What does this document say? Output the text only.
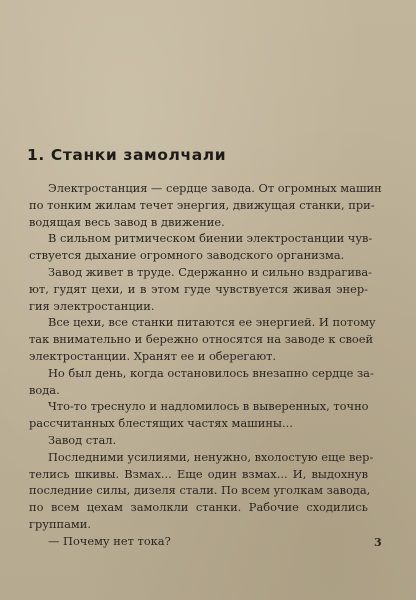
1. Станки замолчали
Электростанция — сердце завода. От огромных машин
по тонким жилам течет энергия, движущая станки, при-
водящая весь завод в движение.
В сильном ритмическом биении электростанции чув-
ствуется дыхание огромного заводского организма.
Завод живет в труде. Сдержанно и сильно вздрагива-
ют, гудят цехи, и в этом гуде чувствуется живая энер-
гия электростанции.
Все цехи, все станки питаются ее энергией. И потому
так внимательно и бережно относятся на заводе к своей
электростанции. Хранят ее и оберегают.
Но был день, когда остановилось внезапно сердце за-
вода.
Что-то треснуло и надломилось в выверенных, точно
рассчитанных блестящих частях машины...
Завод стал.
Последними усилиями, ненужно, вхолостую еще вер-
телись шкивы. Взмах... Еще один взмах... И, выдохнув
последние силы, дизеля стали. По всем уголкам завода,
по всем цехам замолкли станки. Рабочие сходились
группами.
— Почему нет тока?	3
